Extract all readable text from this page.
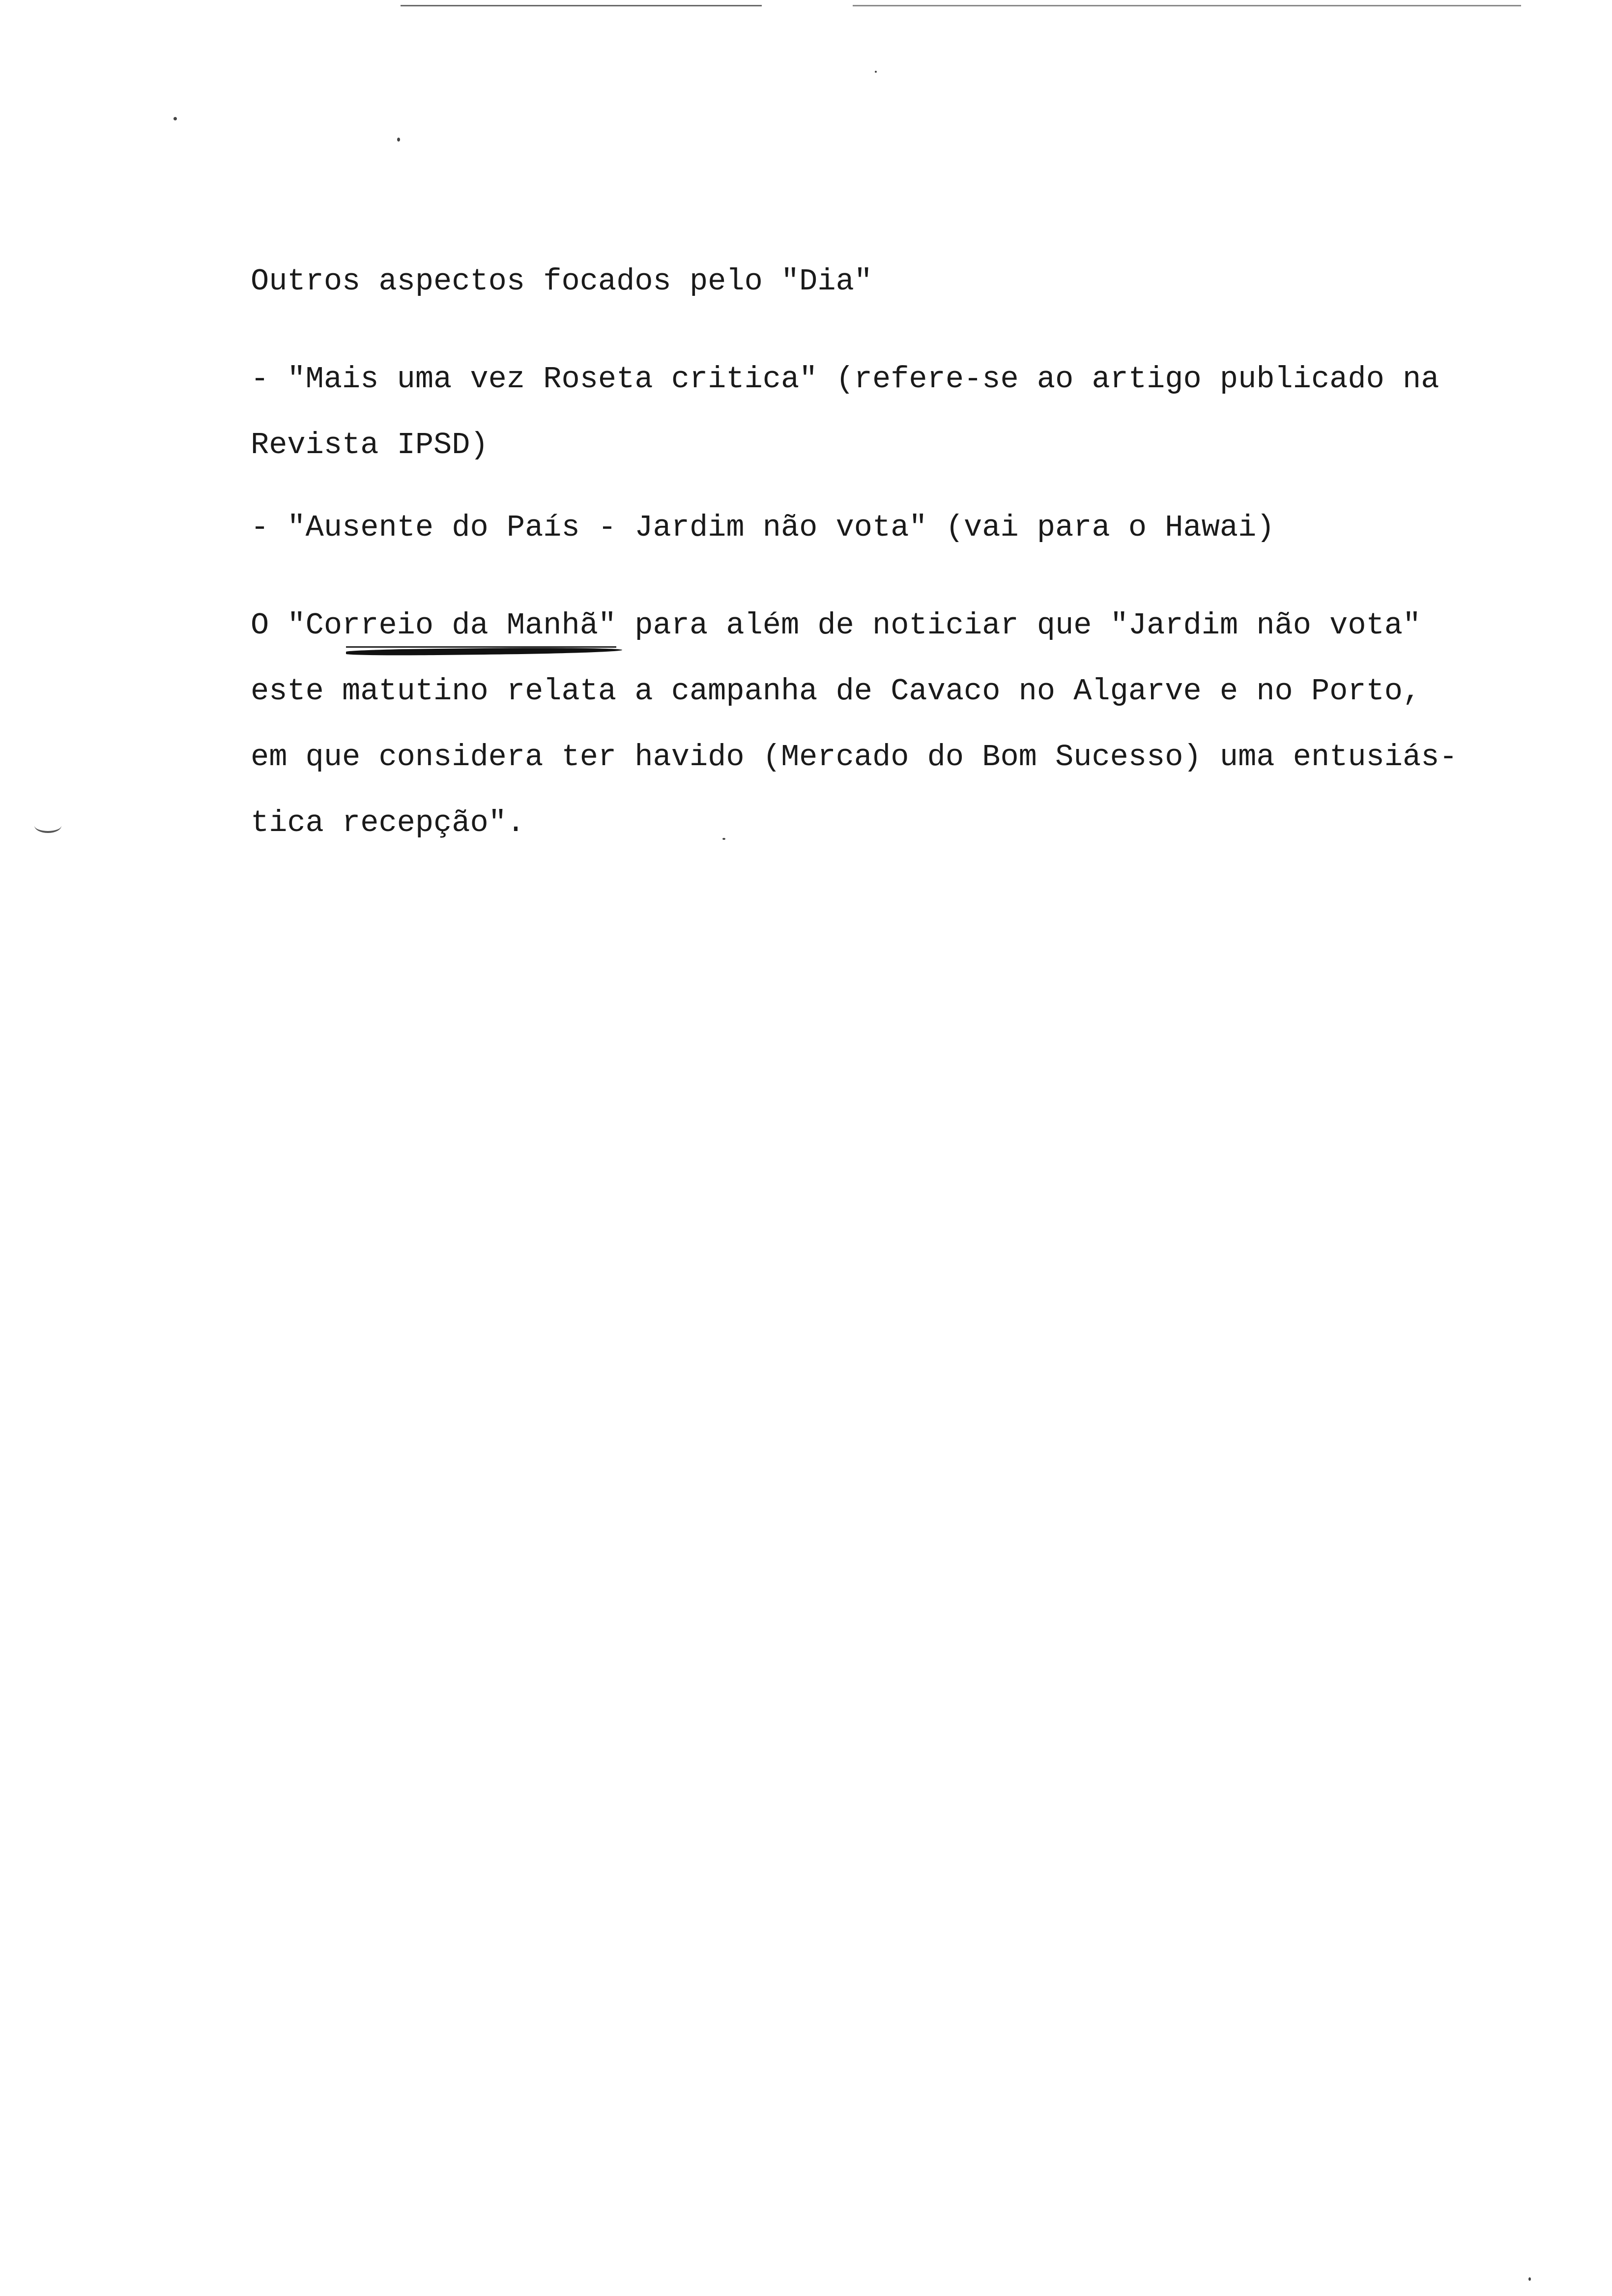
Outros aspectos focados pelo "Dia"
- "Mais uma vez Roseta critica" (refere-se ao artigo publicado na
Revista IPSD)
- "Ausente do País - Jardim não vota" (vai para o Hawai)
O "Correio da Manhã"
para além de noticiar que "Jardim não vota"
este matutino relata a campanha de Cavaco no Algarve e no Porto,
em que considera ter havido (Mercado do Bom Sucesso) uma entusiás-
tica recepção".
